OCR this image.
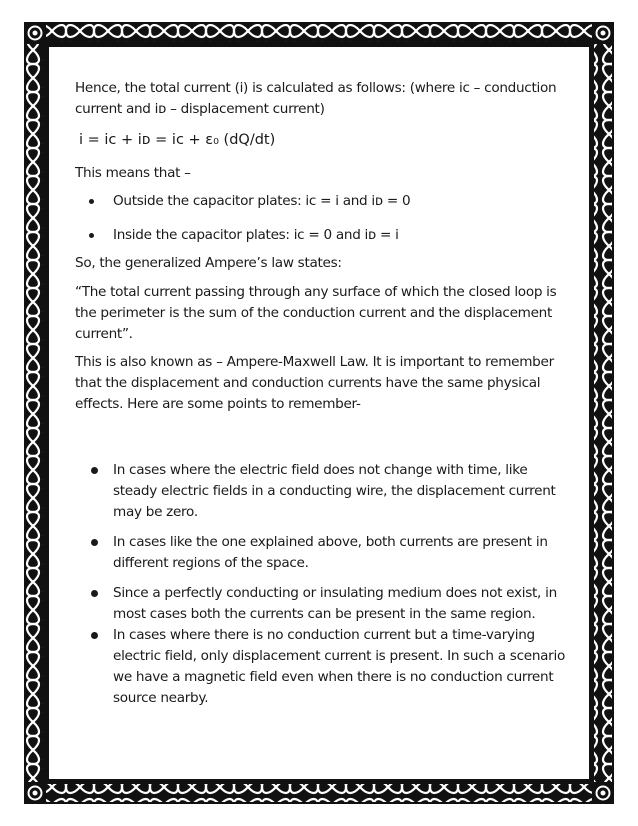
Hence, the total current (i) is calculated as follows: (where iᴄ – conduction current and iᴅ – displacement current)

i = iᴄ + iᴅ = iᴄ + ε₀ (dQ/dt)

This means that –

Outside the capacitor plates: iᴄ = i and iᴅ = 0
Inside the capacitor plates: iᴄ = 0 and iᴅ = i

So, the generalized Ampere’s law states:

“The total current passing through any surface of which the closed loop is the perimeter is the sum of the conduction current and the displacement current”.

This is also known as – Ampere-Maxwell Law. It is important to remember that the displacement and conduction currents have the same physical effects. Here are some points to remember-

In cases where the electric field does not change with time, like steady electric fields in a conducting wire, the displacement current may be zero.
In cases like the one explained above, both currents are present in different regions of the space.
Since a perfectly conducting or insulating medium does not exist, in most cases both the currents can be present in the same region.
In cases where there is no conduction current but a time-varying electric field, only displacement current is present. In such a scenario we have a magnetic field even when there is no conduction current source nearby.
